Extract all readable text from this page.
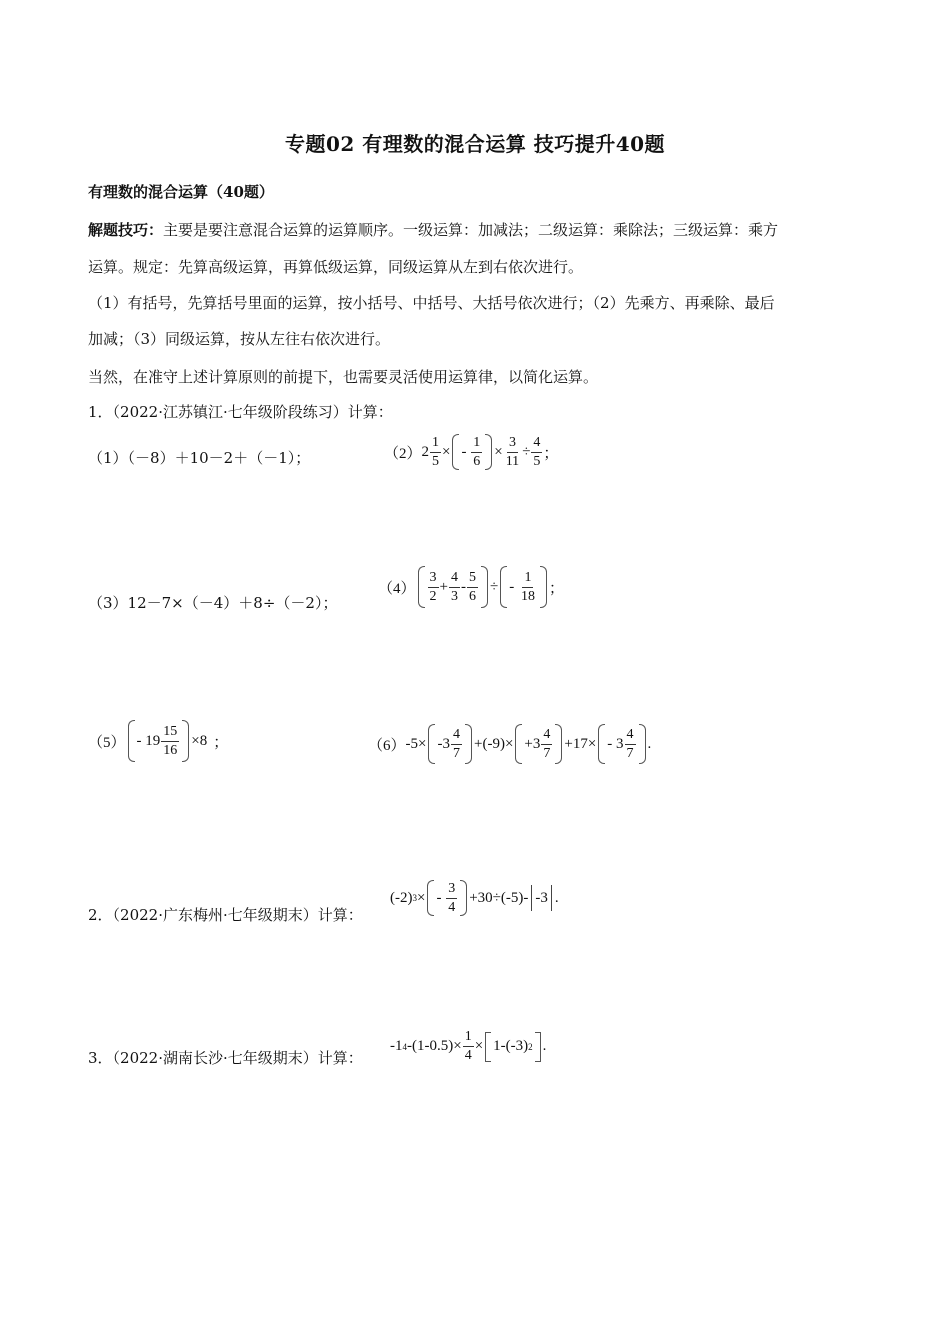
专题02 有理数的混合运算 技巧提升40题
有理数的混合运算（40题）
解题技巧：主要是要注意混合运算的运算顺序。一级运算：加减法；二级运算：乘除法；三级运算：乘方
运算。规定：先算高级运算，再算低级运算，同级运算从左到右依次进行。
（1）有括号，先算括号里面的运算，按小括号、中括号、大括号依次进行；（2）先乘方、再乘除、最后
加减；（3）同级运算，按从左往右依次进行。
当然，在准守上述计算原则的前提下，也需要灵活使用运算律，以简化运算。
1．（2022·江苏镇江·七年级阶段练习）计算：
（1）（－8）＋10－2＋（－1）；	（2） $2 \frac{1}{5}$ × -
$\frac{1}{6} \times \frac{3}{11} \div \frac{4}{5}$ ；
（3）12－7×（－4）＋8÷（－2）；
$(4) \frac{3}{2} + \frac{4}{3} - \frac{5}{6}$ ÷ -
$\frac{1}{18}$ ；
（5） -
$19 \frac{15}{16} \times 8$ ；	（6） $-5\times - 3 \frac{4}{7} + (-9)\times + 3 \frac{4}{7} +17\times$ -
$3 \frac{4}{7}$ .
2．（2022·广东梅州·七年级期末）计算：
(-2) 3 × -
$\frac{3}{4} +30\div(-5)-$ -3 .
3．（2022·湖南长沙·七年级期末）计算：
-1 4 $-(1-0.5)\times \frac{1}{4} \times 1-(-3)$ 2 .
